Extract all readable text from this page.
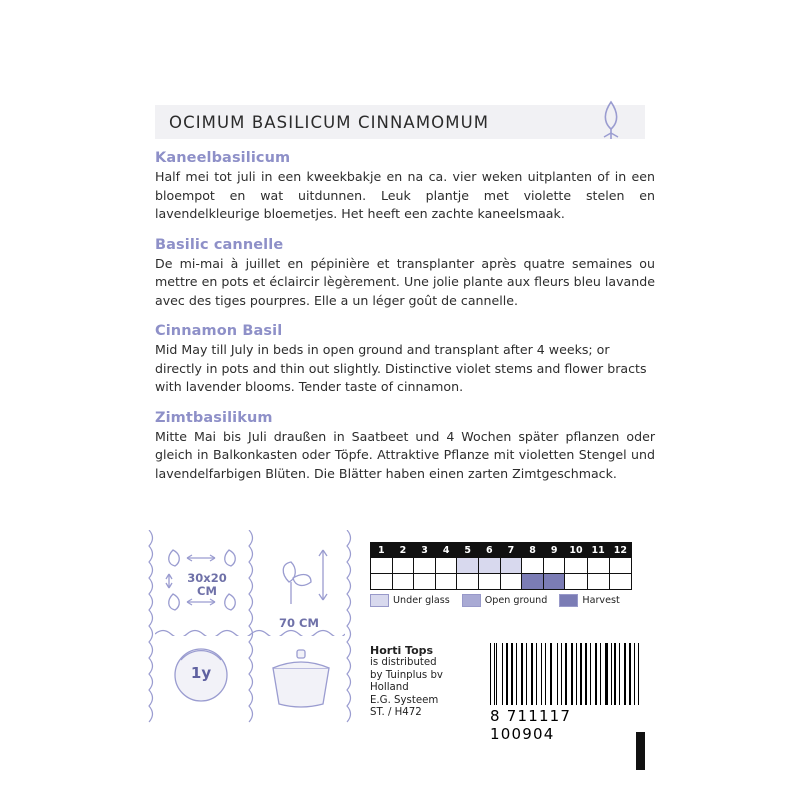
OCIMUM BASILICUM CINNAMOMUM
Kaneelbasilicum

Half mei tot juli in een kweekbakje en na ca. vier weken uitplanten of in een bloempot en wat uitdunnen. Leuk plantje met violette stelen en lavendelkleurige bloemetjes. Het heeft een zachte kaneelsmaak.

Basilic cannelle

De mi-mai à juillet en pépinière et transplanter après quatre semaines ou mettre en pots et éclaircir lègèrement. Une jolie plante aux fleurs bleu lavande avec des tiges pourpres. Elle a un léger goût de cannelle.

Cinnamon Basil

Mid May till July in beds in open ground and transplant after 4 weeks; or directly in pots and thin out slightly. Distinctive violet stems and flower bracts with lavender blooms. Tender taste of cinnamon.

Zimtbasilikum

Mitte Mai bis Juli draußen in Saatbeet und 4 Wochen später pflanzen oder gleich in Balkonkasten oder Töpfe. Attraktive Pflanze mit violetten Stengel und lavendelfarbigen Blüten. Die Blätter haben einen zarten Zimtgeschmack.

30x20
CM
70 CM
1y
1	2	3	4	5	6	7	8	9	10	11	12

Under glass	Open ground	Harvest
Horti Tops
is distributed
by Tuinplus bv
Holland
E.G. Systeem
ST. / H472	8 711117 100904
